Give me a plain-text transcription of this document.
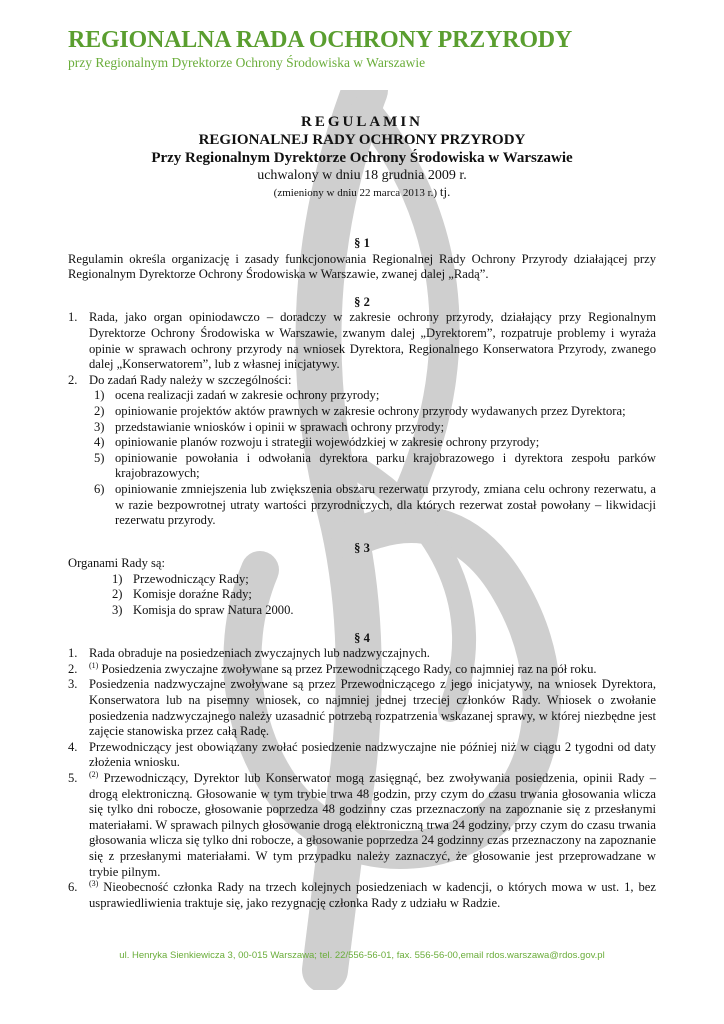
REGIONALNA RADA OCHRONY PRZYRODY
przy Regionalnym Dyrektorze Ochrony Środowiska w Warszawie
REGULAMIN
REGIONALNEJ RADY OCHRONY PRZYRODY
Przy Regionalnym Dyrektorze Ochrony Środowiska w Warszawie
uchwalony w dniu 18 grudnia 2009 r.
(zmieniony w dniu 22 marca 2013 r.) tj.

§ 1

Regulamin określa organizację i zasady funkcjonowania Regionalnej Rady Ochrony Przyrody działającej przy Regionalnym Dyrektorze Ochrony Środowiska w Warszawie, zwanej dalej „Radą”.

§ 2

1. Rada, jako organ opiniodawczo – doradczy w zakresie ochrony przyrody, działający przy Regionalnym Dyrektorze Ochrony Środowiska w Warszawie, zwanym dalej „Dyrektorem”, rozpatruje problemy i wyraża opinie w sprawach ochrony przyrody na wniosek Dyrektora, Regionalnego Konserwatora Przyrody, zwanego dalej „Konserwatorem”, lub z własnej inicjatywy.
2. Do zadań Rady należy w szczególności:
1) ocena realizacji zadań w zakresie ochrony przyrody;
2) opiniowanie projektów aktów prawnych w zakresie ochrony przyrody wydawanych przez Dyrektora;
3) przedstawianie wniosków i opinii w sprawach ochrony przyrody;
4) opiniowanie planów rozwoju i strategii wojewódzkiej w zakresie ochrony przyrody;
5) opiniowanie powołania i odwołania dyrektora parku krajobrazowego i dyrektora zespołu parków krajobrazowych;
6) opiniowanie zmniejszenia lub zwiększenia obszaru rezerwatu przyrody, zmiana celu ochrony rezerwatu, a w razie bezpowrotnej utraty wartości przyrodniczych, dla których rezerwat został powołany – likwidacji rezerwatu przyrody.

§ 3

Organami Rady są:

1) Przewodniczący Rady;
2) Komisje doraźne Rady;
3) Komisja do spraw Natura 2000.

§ 4

1. Rada obraduje na posiedzeniach zwyczajnych lub nadzwyczajnych.
2.	$^{(1)}$ Posiedzenia zwyczajne zwoływane są przez Przewodniczącego Rady, co najmniej raz na pół roku.
3. Posiedzenia nadzwyczajne zwoływane są przez Przewodniczącego z jego inicjatywy, na wniosek Dyrektora, Konserwatora lub na pisemny wniosek, co najmniej jednej trzeciej członków Rady. Wniosek o zwołanie posiedzenia nadzwyczajnego należy uzasadnić potrzebą rozpatrzenia wskazanej sprawy, w której niezbędne jest zajęcie stanowiska przez całą Radę.
4. Przewodniczący jest obowiązany zwołać posiedzenie nadzwyczajne nie później niż w ciągu 2 tygodni od daty złożenia wniosku.
5.	$^{(2)}$ Przewodniczący, Dyrektor lub Konserwator mogą zasięgnąć, bez zwoływania posiedzenia, opinii Rady – drogą elektroniczną. Głosowanie w tym trybie trwa 48 godzin, przy czym do czasu trwania głosowania wlicza się tylko dni robocze, głosowanie poprzedza 48 godzinny czas przeznaczony na zapoznanie się z przesłanymi materiałami. W sprawach pilnych głosowanie drogą elektroniczną trwa 24 godziny, przy czym do czasu trwania głosowania wlicza się tylko dni robocze, a głosowanie poprzedza 24 godzinny czas przeznaczony na zapoznanie się z przesłanymi materiałami. W tym przypadku należy zaznaczyć, że głosowanie jest przeprowadzane w trybie pilnym.
6.	$^{(3)}$ Nieobecność członka Rady na trzech kolejnych posiedzeniach w kadencji, o których mowa w ust. 1, bez usprawiedliwienia traktuje się, jako rezygnację członka Rady z udziału w Radzie.
ul. Henryka Sienkiewicza 3, 00-015 Warszawa; tel. 22/556-56-01, fax. 556-56-00,email rdos.warszawa@rdos.gov.pl
